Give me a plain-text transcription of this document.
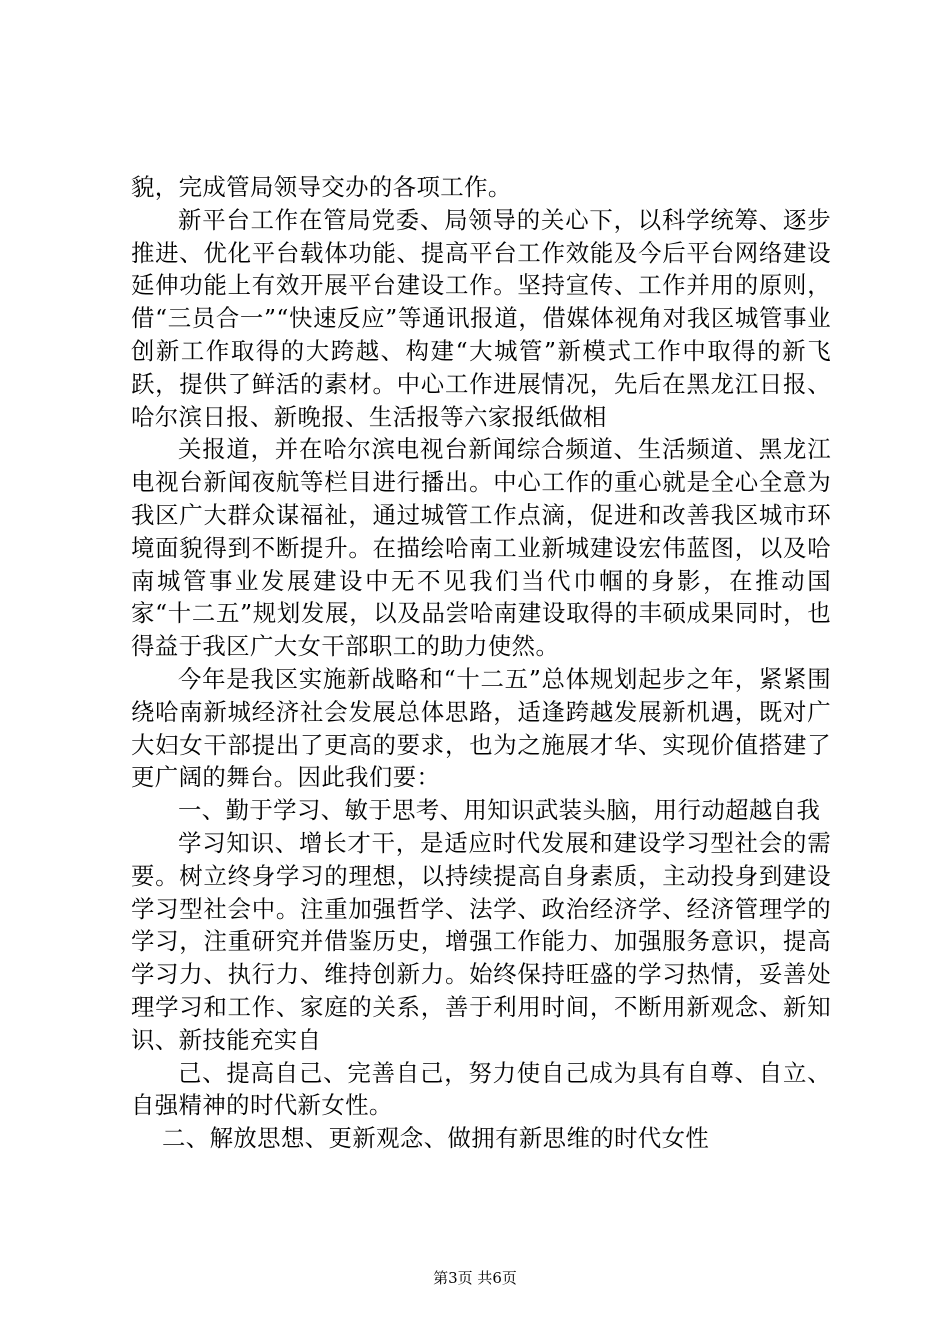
貌，完成管局领导交办的各项工作。

新平台工作在管局党委、局领导的关心下，以科学统筹、逐步推进、优化平台载体功能、提高平台工作效能及今后平台网络建设延伸功能上有效开展平台建设工作。坚持宣传、工作并用的原则，借“三员合一”“快速反应”等通讯报道，借媒体视角对我区城管事业创新工作取得的大跨越、构建“大城管”新模式工作中取得的新飞跃，提供了鲜活的素材。中心工作进展情况，先后在黑龙江日报、哈尔滨日报、新晚报、生活报等六家报纸做相

关报道，并在哈尔滨电视台新闻综合频道、生活频道、黑龙江电视台新闻夜航等栏目进行播出。中心工作的重心就是全心全意为我区广大群众谋福祉，通过城管工作点滴，促进和改善我区城市环境面貌得到不断提升。在描绘哈南工业新城建设宏伟蓝图，以及哈南城管事业发展建设中无不见我们当代巾帼的身影，在推动国家“十二五”规划发展，以及品尝哈南建设取得的丰硕成果同时，也得益于我区广大女干部职工的助力使然。

今年是我区实施新战略和“十二五”总体规划起步之年，紧紧围绕哈南新城经济社会发展总体思路，适逢跨越发展新机遇，既对广大妇女干部提出了更高的要求，也为之施展才华、实现价值搭建了更广阔的舞台。因此我们要：

一、勤于学习、敏于思考、用知识武装头脑，用行动超越自我

学习知识、增长才干，是适应时代发展和建设学习型社会的需要。树立终身学习的理想，以持续提高自身素质，主动投身到建设学习型社会中。注重加强哲学、法学、政治经济学、经济管理学的学习，注重研究并借鉴历史，增强工作能力、加强服务意识，提高学习力、执行力、维持创新力。始终保持旺盛的学习热情，妥善处理学习和工作、家庭的关系，善于利用时间，不断用新观念、新知识、新技能充实自

己、提高自己、完善自己，努力使自己成为具有自尊、自立、自强精神的时代新女性。

二、解放思想、更新观念、做拥有新思维的时代女性

第3页 共6页
